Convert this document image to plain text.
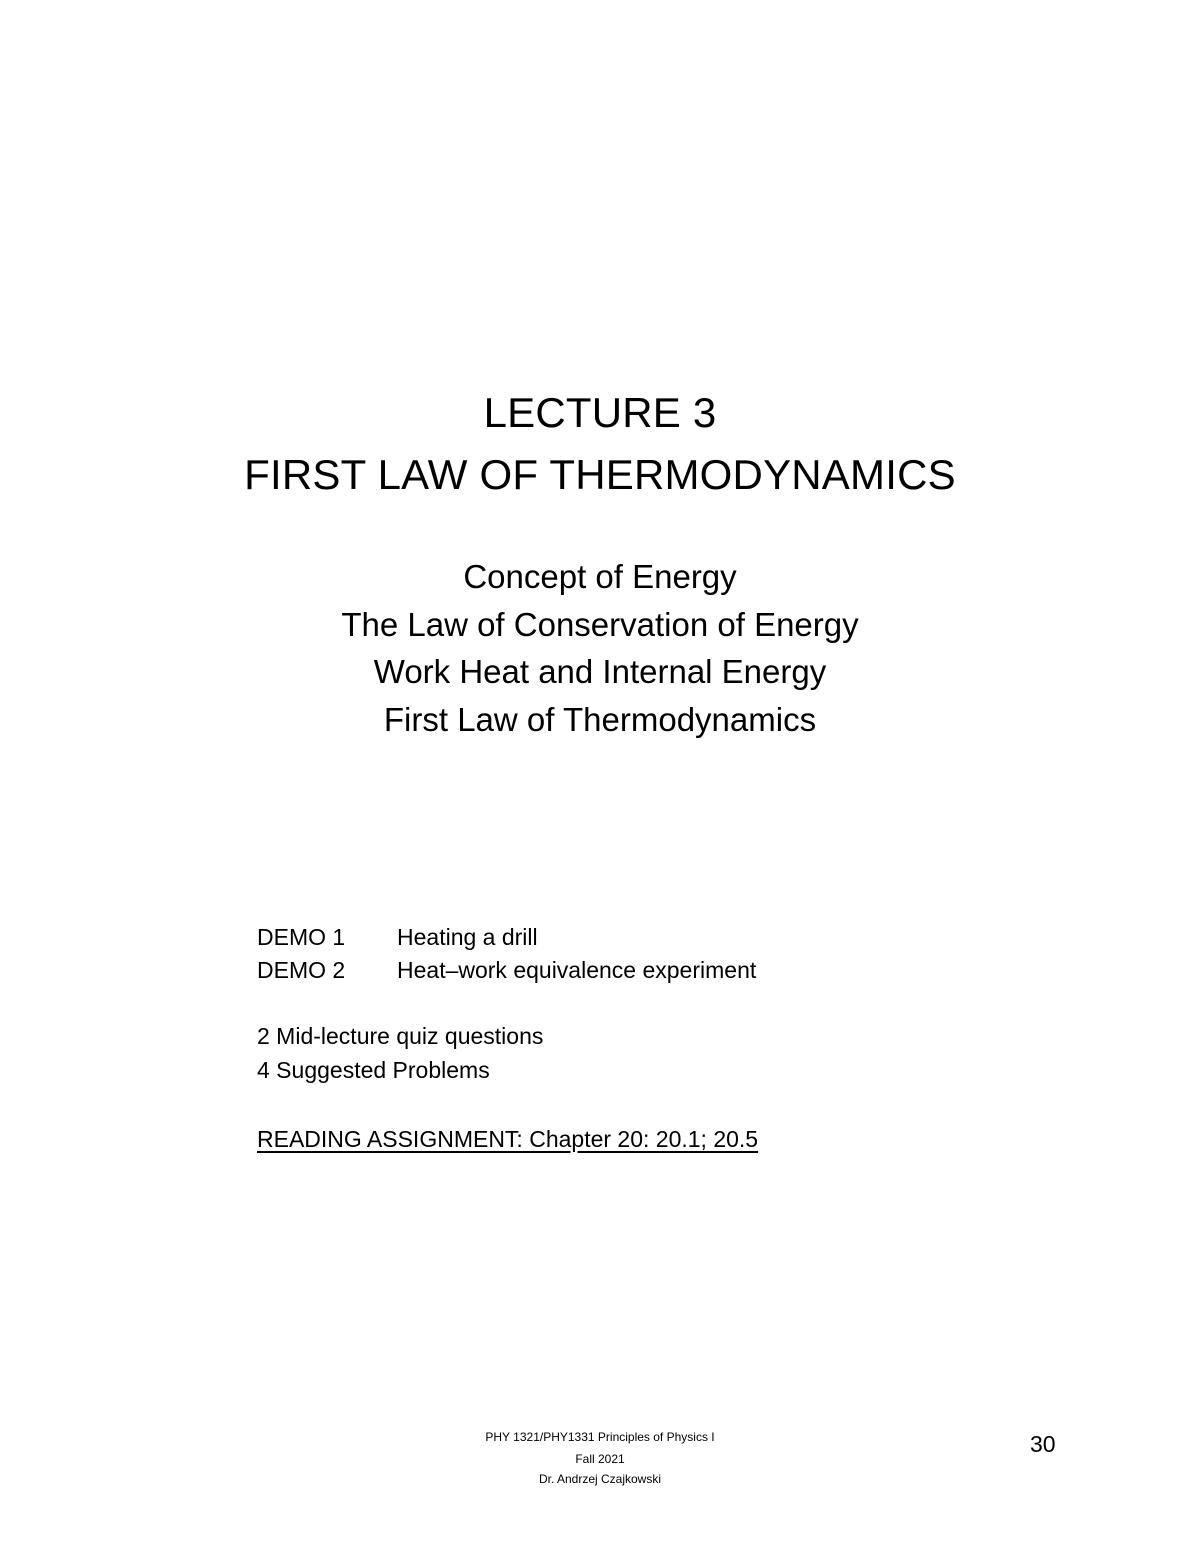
LECTURE 3
FIRST LAW OF THERMODYNAMICS
Concept of Energy
The Law of Conservation of Energy
Work Heat and Internal Energy
First Law of Thermodynamics
DEMO 1 Heating a drill
DEMO 2 Heat–work equivalence experiment
2 Mid-lecture quiz questions
4 Suggested Problems
READING ASSIGNMENT: Chapter 20: 20.1; 20.5
PHY 1321/PHY1331 Principles of Physics I
Fall 2021
Dr. Andrzej Czajkowski
30
